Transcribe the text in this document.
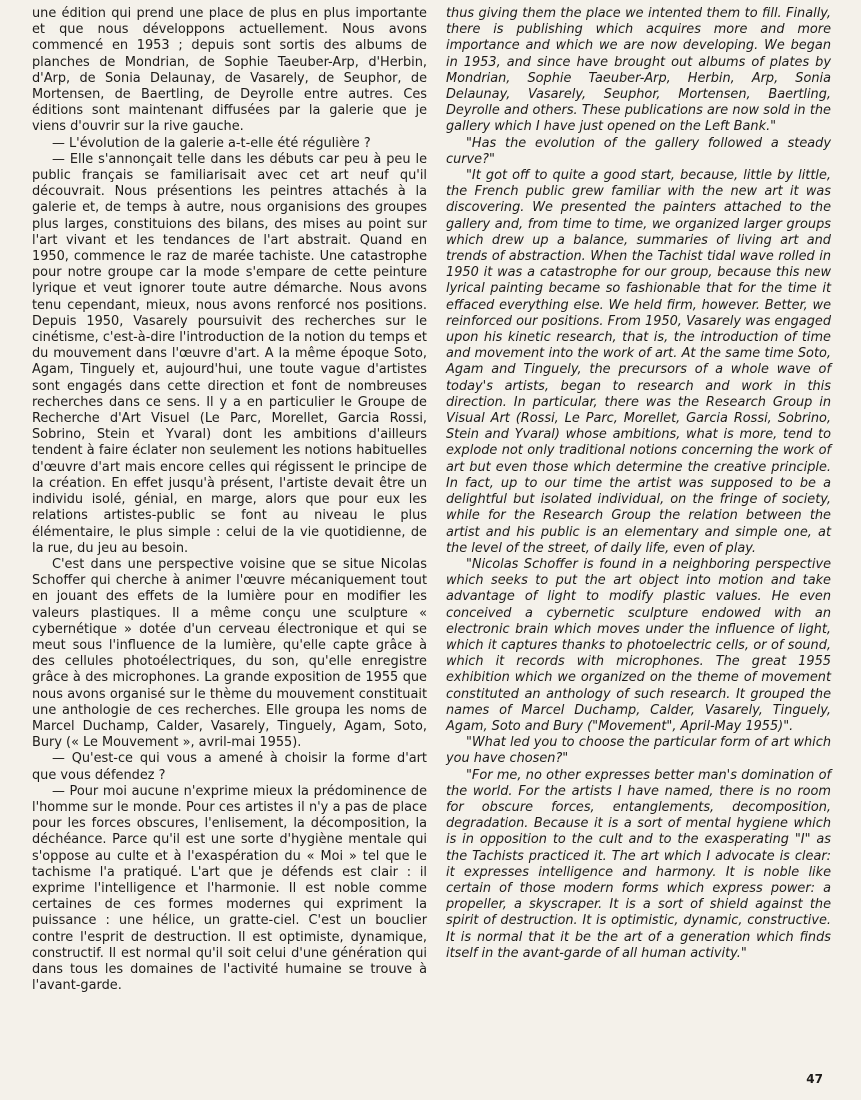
une édition qui prend une place de plus en plus importante et que nous développons actuellement. Nous avons commencé en 1953 ; depuis sont sortis des albums de planches de Mondrian, de Sophie Taeuber-Arp, d'Herbin, d'Arp, de Sonia Delaunay, de Vasarely, de Seuphor, de Mortensen, de Baertling, de Deyrolle entre autres. Ces éditions sont maintenant diffusées par la galerie que je viens d'ouvrir sur la rive gauche.

— L'évolution de la galerie a-t-elle été régulière ?

— Elle s'annonçait telle dans les débuts car peu à peu le public français se familiarisait avec cet art neuf qu'il découvrait. Nous présentions les peintres attachés à la galerie et, de temps à autre, nous organisions des groupes plus larges, constituions des bilans, des mises au point sur l'art vivant et les tendances de l'art abstrait. Quand en 1950, commence le raz de marée tachiste. Une catastrophe pour notre groupe car la mode s'empare de cette peinture lyrique et veut ignorer toute autre démarche. Nous avons tenu cependant, mieux, nous avons renforcé nos positions. Depuis 1950, Vasarely poursuivit des recherches sur le cinétisme, c'est-à-dire l'introduction de la notion du temps et du mouvement dans l'œuvre d'art. A la même époque Soto, Agam, Tinguely et, aujourd'hui, une toute vague d'artistes sont engagés dans cette direction et font de nombreuses recherches dans ce sens. Il y a en particulier le Groupe de Recherche d'Art Visuel (Le Parc, Morellet, Garcia Rossi, Sobrino, Stein et Yvaral) dont les ambitions d'ailleurs tendent à faire éclater non seulement les notions habituelles d'œuvre d'art mais encore celles qui régissent le principe de la création. En effet jusqu'à présent, l'artiste devait être un individu isolé, génial, en marge, alors que pour eux les relations artistes-public se font au niveau le plus élémentaire, le plus simple : celui de la vie quotidienne, de la rue, du jeu au besoin.

C'est dans une perspective voisine que se situe Nicolas Schoffer qui cherche à animer l'œuvre mécaniquement tout en jouant des effets de la lumière pour en modifier les valeurs plastiques. Il a même conçu une sculpture « cybernétique » dotée d'un cerveau électronique et qui se meut sous l'influence de la lumière, qu'elle capte grâce à des cellules photoélectriques, du son, qu'elle enregistre grâce à des microphones. La grande exposition de 1955 que nous avons organisé sur le thème du mouvement constituait une anthologie de ces recherches. Elle groupa les noms de Marcel Duchamp, Calder, Vasarely, Tinguely, Agam, Soto, Bury (« Le Mouvement », avril-mai 1955).

— Qu'est-ce qui vous a amené à choisir la forme d'art que vous défendez ?

— Pour moi aucune n'exprime mieux la prédominence de l'homme sur le monde. Pour ces artistes il n'y a pas de place pour les forces obscures, l'enlisement, la décomposition, la déchéance. Parce qu'il est une sorte d'hygiène mentale qui s'oppose au culte et à l'exaspération du « Moi » tel que le tachisme l'a pratiqué. L'art que je défends est clair : il exprime l'intelligence et l'harmonie. Il est noble comme certaines de ces formes modernes qui expriment la puissance : une hélice, un gratte-ciel. C'est un bouclier contre l'esprit de destruction. Il est optimiste, dynamique, constructif. Il est normal qu'il soit celui d'une génération qui dans tous les domaines de l'activité humaine se trouve à l'avant-garde.

thus giving them the place we intented them to fill. Finally, there is publishing which acquires more and more importance and which we are now developing. We began in 1953, and since have brought out albums of plates by Mondrian, Sophie Taeuber-Arp, Herbin, Arp, Sonia Delaunay, Vasarely, Seuphor, Mortensen, Baertling, Deyrolle and others. These publications are now sold in the gallery which I have just opened on the Left Bank."

"Has the evolution of the gallery followed a steady curve?"

"It got off to quite a good start, because, little by little, the French public grew familiar with the new art it was discovering. We presented the painters attached to the gallery and, from time to time, we organized larger groups which drew up a balance, summaries of living art and trends of abstraction. When the Tachist tidal wave rolled in 1950 it was a catastrophe for our group, because this new lyrical painting became so fashionable that for the time it effaced everything else. We held firm, however. Better, we reinforced our positions. From 1950, Vasarely was engaged upon his kinetic research, that is, the introduction of time and movement into the work of art. At the same time Soto, Agam and Tinguely, the precursors of a whole wave of today's artists, began to research and work in this direction. In particular, there was the Research Group in Visual Art (Rossi, Le Parc, Morellet, Garcia Rossi, Sobrino, Stein and Yvaral) whose ambitions, what is more, tend to explode not only traditional notions concerning the work of art but even those which determine the creative principle. In fact, up to our time the artist was supposed to be a delightful but isolated individual, on the fringe of society, while for the Research Group the relation between the artist and his public is an elementary and simple one, at the level of the street, of daily life, even of play.

"Nicolas Schoffer is found in a neighboring perspective which seeks to put the art object into motion and take advantage of light to modify plastic values. He even conceived a cybernetic sculpture endowed with an electronic brain which moves under the influence of light, which it captures thanks to photoelectric cells, or of sound, which it records with microphones. The great 1955 exhibition which we organized on the theme of movement constituted an anthology of such research. It grouped the names of Marcel Duchamp, Calder, Vasarely, Tinguely, Agam, Soto and Bury ("Movement", April-May 1955)".

"What led you to choose the particular form of art which you have chosen?"

"For me, no other expresses better man's domination of the world. For the artists I have named, there is no room for obscure forces, entanglements, decomposition, degradation. Because it is a sort of mental hygiene which is in opposition to the cult and to the exasperating "I" as the Tachists practiced it. The art which I advocate is clear: it expresses intelligence and harmony. It is noble like certain of those modern forms which express power: a propeller, a skyscraper. It is a sort of shield against the spirit of destruction. It is optimistic, dynamic, constructive. It is normal that it be the art of a generation which finds itself in the avant-garde of all human activity."

47
